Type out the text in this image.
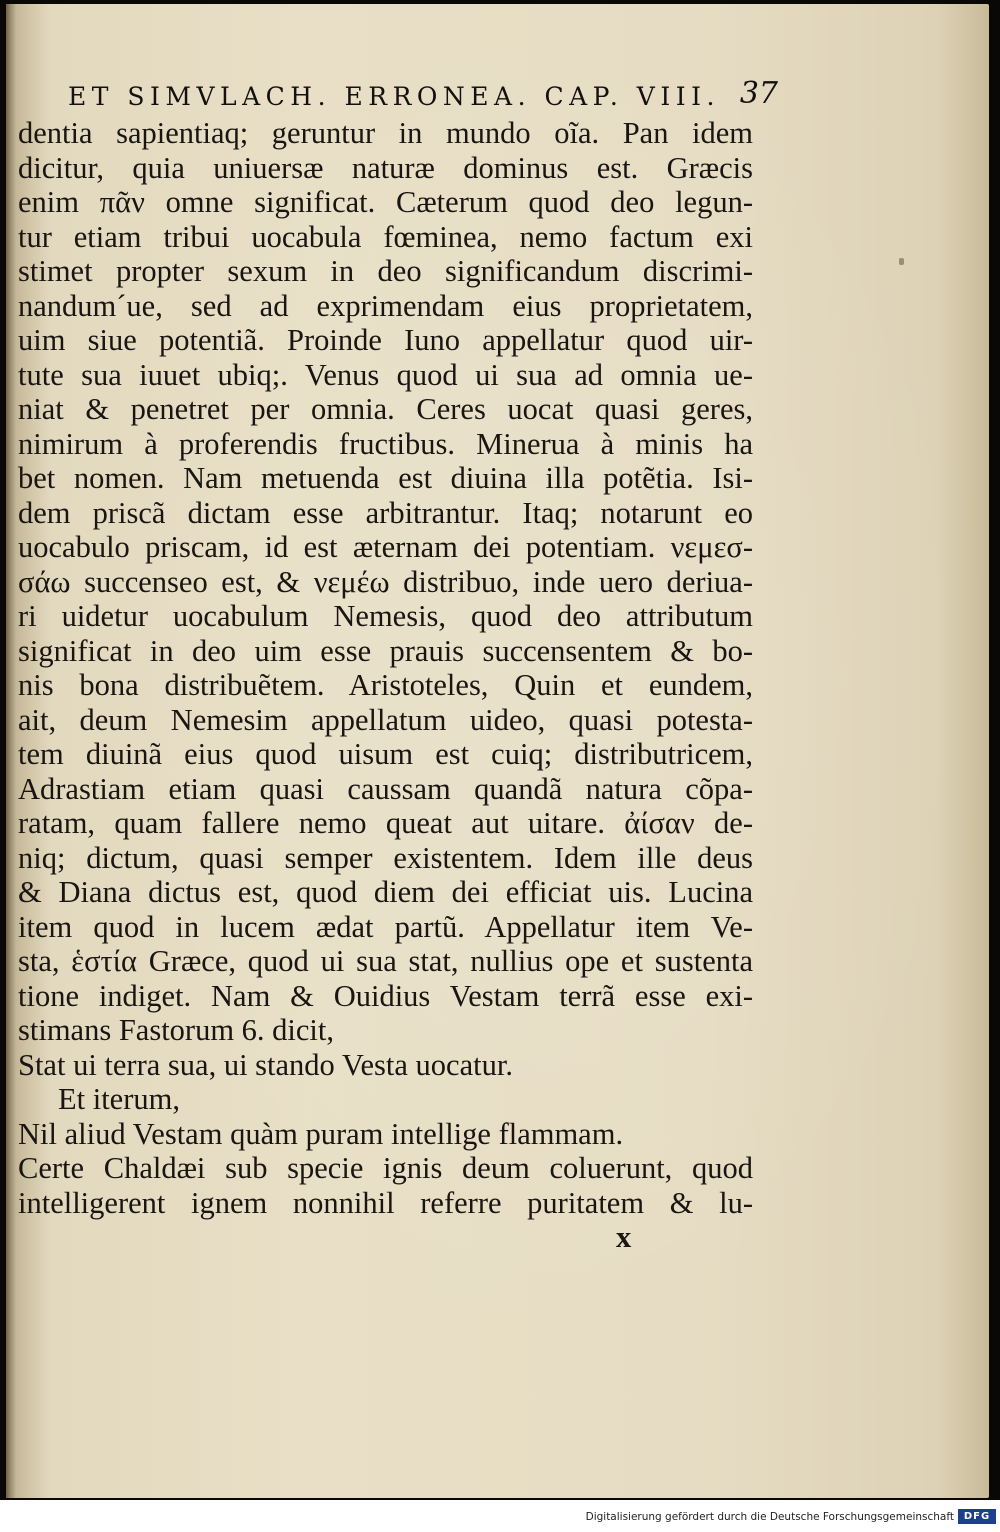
ET SIMVLACH. ERRONEA. CAP. VIII. 37
dentia sapientiaq; geruntur in mundo oĩa. Pan idem
dicitur, quia uniuersæ naturæ dominus est. Græcis
enim πᾶν omne significat. Cæterum quod deo legun-
tur etiam tribui uocabula fœminea, nemo factum exi
stimet propter sexum in deo significandum discrimi-
nandum´ue, sed ad exprimendam eius proprietatem,
uim siue potentiã. Proinde Iuno appellatur quod uir-
tute sua iuuet ubiq;. Venus quod ui sua ad omnia ue-
niat & penetret per omnia. Ceres uocat quasi geres,
nimirum à proferendis fructibus. Minerua à minis ha
bet nomen. Nam metuenda est diuina illa potẽtia. Isi-
dem priscã dictam esse arbitrantur. Itaq; notarunt eo
uocabulo priscam, id est æternam dei potentiam. νεμεσ-
σάω succenseo est, & νεμέω distribuo, inde uero deriua-
ri uidetur uocabulum Nemesis, quod deo attributum
significat in deo uim esse prauis succensentem & bo-
nis bona distribuẽtem. Aristoteles, Quin et eundem,
ait, deum Nemesim appellatum uideo, quasi potesta-
tem diuinã eius quod uisum est cuiq; distributricem,
Adrastiam etiam quasi caussam quandã natura cõpa-
ratam, quam fallere nemo queat aut uitare. ἀίσαν de-
niq; dictum, quasi semper existentem. Idem ille deus
& Diana dictus est, quod diem dei efficiat uis. Lucina
item quod in lucem ædat partũ. Appellatur item Ve-
sta, ἑστία Græce, quod ui sua stat, nullius ope et sustenta
tione indiget. Nam & Ouidius Vestam terrã esse exi-
stimans Fastorum 6. dicit,
Stat ui terra sua, ui stando Vesta uocatur.
Et iterum,
Nil aliud Vestam quàm puram intellige flammam.
Certe Chaldæi sub specie ignis deum coluerunt, quod
intelligerent ignem nonnihil referre puritatem & lu-
x
Digitalisierung gefördert durch die Deutsche Forschungsgemeinschaft DFG
